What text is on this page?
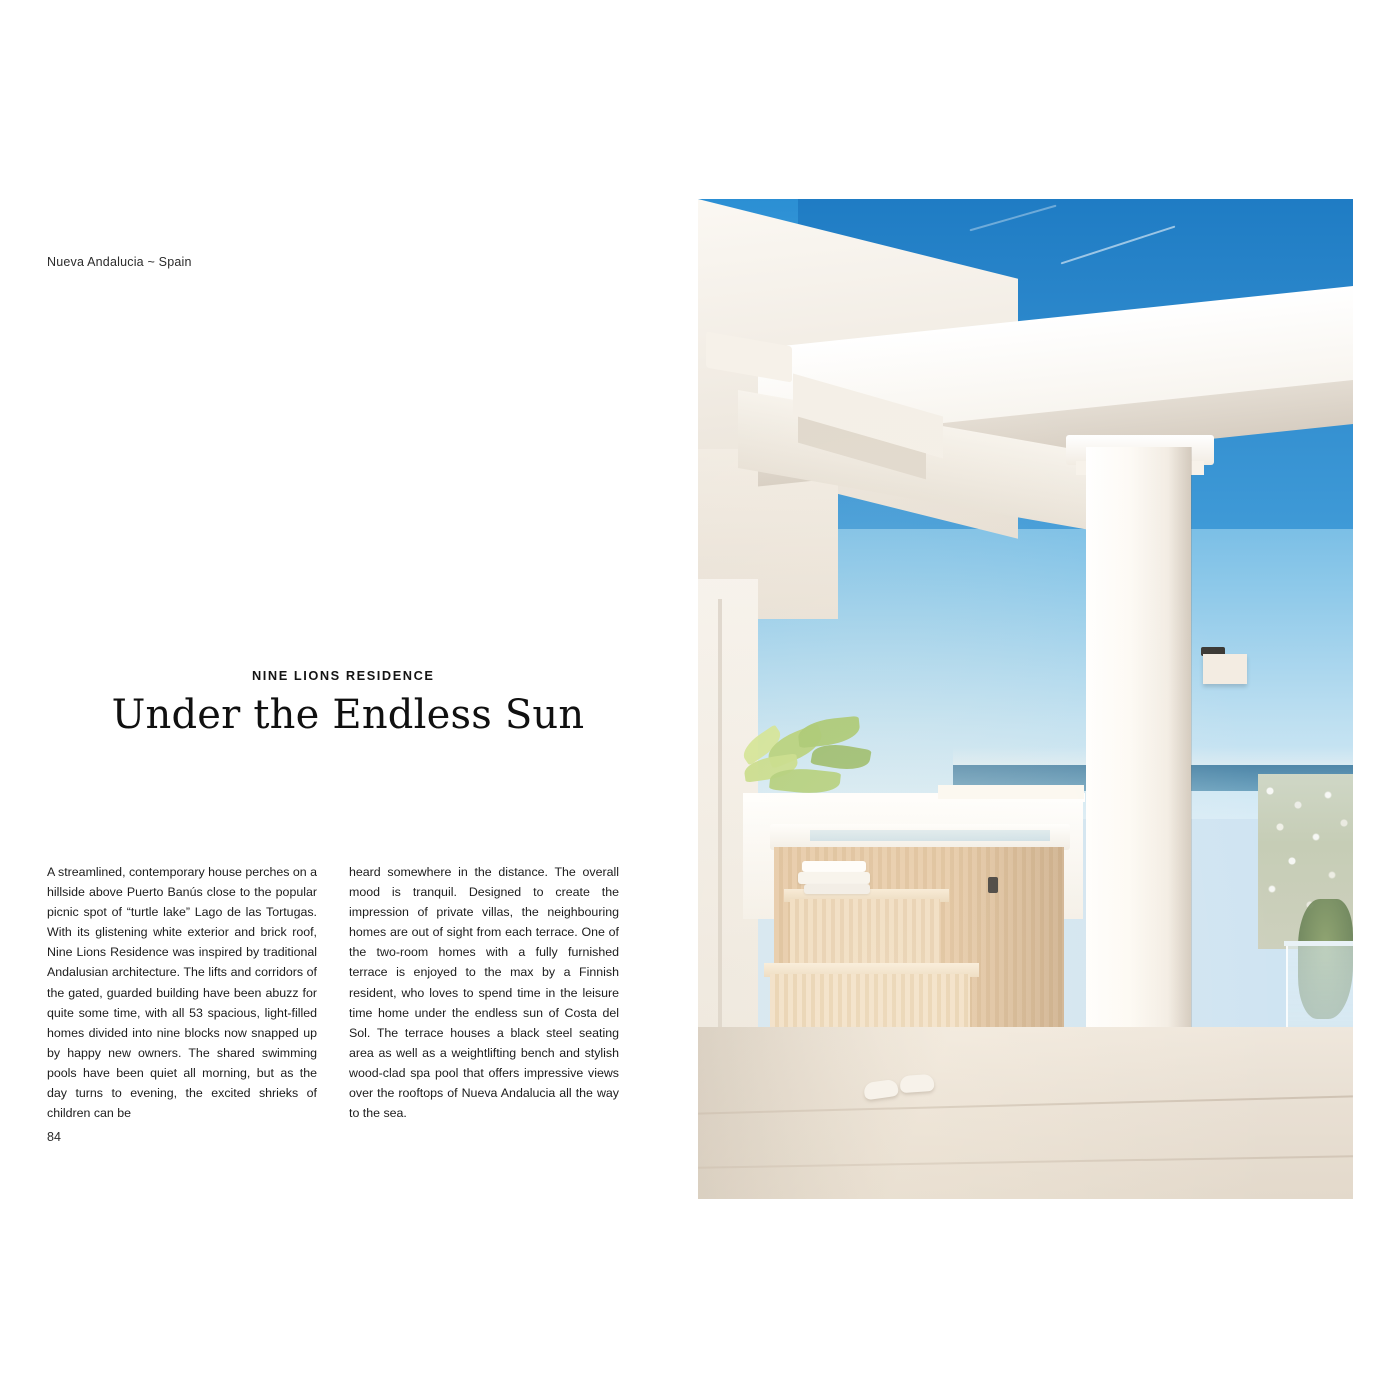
Nueva Andalucia ~ Spain
NINE LIONS RESIDENCE
Under the Endless Sun

A streamlined, contemporary house perches on a hillside above Puerto Banús close to the popular picnic spot of “turtle lake” Lago de las Tortugas. With its glistening white exterior and brick roof, Nine Lions Residence was inspired by traditional Andalusian architecture. The lifts and corridors of the gated, guarded building have been abuzz for quite some time, with all 53 spacious, light-filled homes divided into nine blocks now snapped up by happy new owners. The shared swimming pools have been quiet all morning, but as the day turns to evening, the excited shrieks of children can be

heard somewhere in the distance. The overall mood is tranquil. Designed to create the impression of private villas, the neighbouring homes are out of sight from each terrace. One of the two-room homes with a fully furnished terrace is enjoyed to the max by a Finnish resident, who loves to spend time in the leisure time home under the endless sun of Costa del Sol. The terrace houses a black steel seating area as well as a weightlifting bench and stylish wood-clad spa pool that offers impressive views over the rooftops of Nueva Andalucia all the way to the sea.

84
